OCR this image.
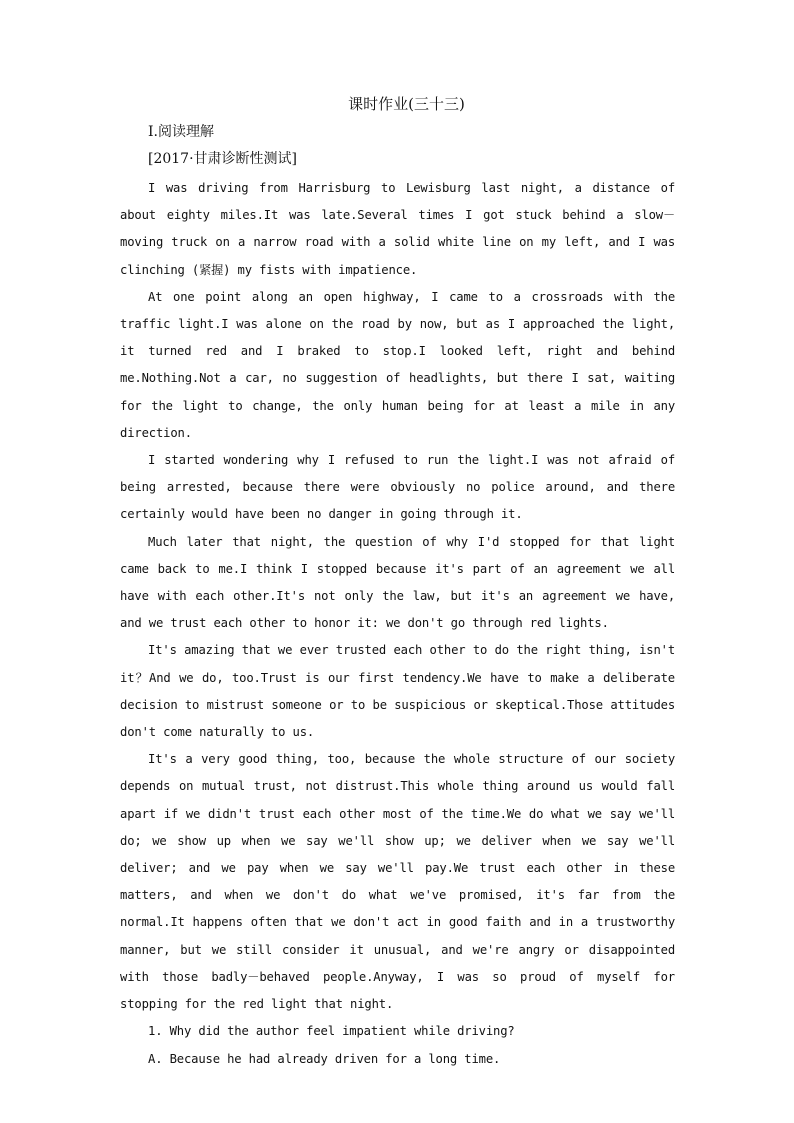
课时作业(三十三)
Ⅰ.阅读理解
[2017·甘肃诊断性测试]

I was driving from Harrisburg to Lewisburg last night, a distance of about eighty miles.It was late.Several times I got stuck behind a slow－moving truck on a narrow road with a solid white line on my left, and I was clinching (紧握) my fists with impatience.

At one point along an open highway, I came to a crossroads with the traffic light.I was alone on the road by now, but as I approached the light, it turned red and I braked to stop.I looked left, right and behind me.Nothing.Not a car, no suggestion of headlights, but there I sat, waiting for the light to change, the only human being for at least a mile in any direction.

I started wondering why I refused to run the light.I was not afraid of being arrested, because there were obviously no police around, and there certainly would have been no danger in going through it.

Much later that night, the question of why I'd stopped for that light came back to me.I think I stopped because it's part of an agreement we all have with each other.It's not only the law, but it's an agreement we have, and we trust each other to honor it: we don't go through red lights.

It's amazing that we ever trusted each other to do the right thing, isn't it？And we do, too.Trust is our first tendency.We have to make a deliberate decision to mistrust someone or to be suspicious or skeptical.Those attitudes don't come naturally to us.

It's a very good thing, too, because the whole structure of our society depends on mutual trust, not distrust.This whole thing around us would fall apart if we didn't trust each other most of the time.We do what we say we'll do; we show up when we say we'll show up; we deliver when we say we'll deliver; and we pay when we say we'll pay.We trust each other in these matters, and when we don't do what we've promised, it's far from the normal.It happens often that we don't act in good faith and in a trustworthy manner, but we still consider it unusual, and we're angry or disappointed with those badly－behaved people.Anyway, I was so proud of myself for stopping for the red light that night.

1. Why did the author feel impatient while driving?

A. Because he had already driven for a long time.
